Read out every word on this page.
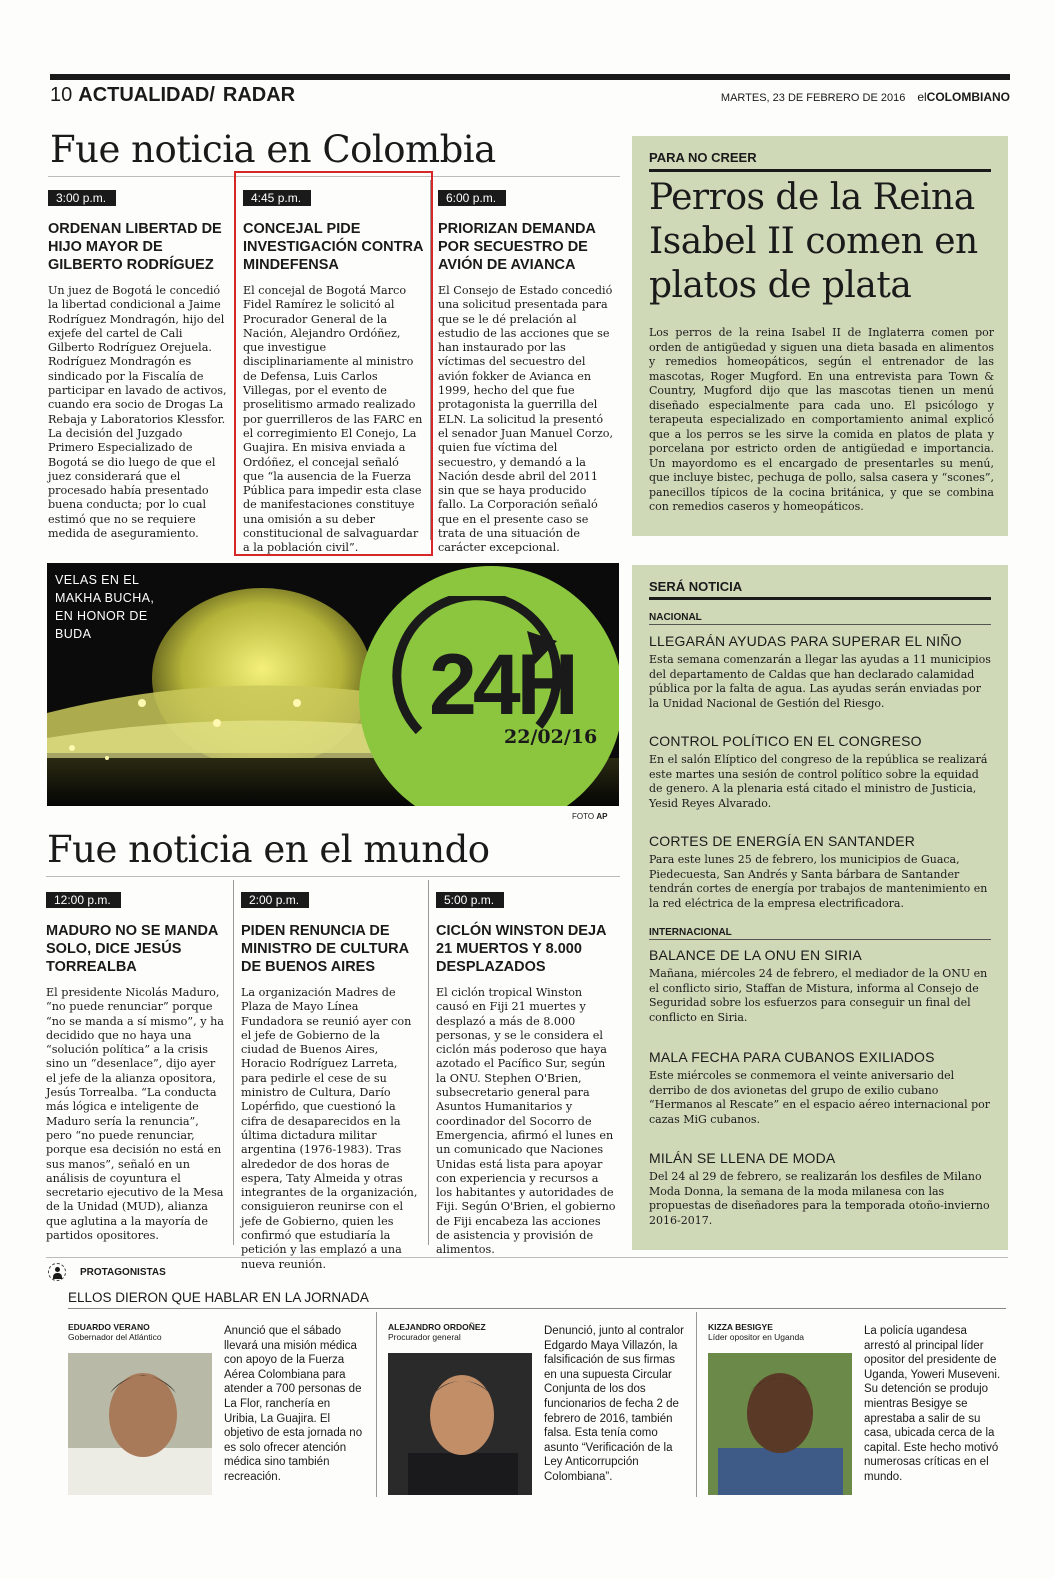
10 ACTUALIDAD/ RADAR	MARTES, 23 DE FEBRERO DE 2016 elCOLOMBIANO
Fue noticia en Colombia
3:00 p.m.
ORDENAN LIBERTAD DE HIJO MAYOR DE GILBERTO RODRÍGUEZ

Un juez de Bogotá le concedió la libertad condicional a Jaime Rodríguez Mondragón, hijo del exjefe del cartel de Cali Gilberto Rodríguez Orejuela. Rodríguez Mondragón es sindicado por la Fiscalía de participar en lavado de activos, cuando era socio de Drogas La Rebaja y Laboratorios Klessfor. La decisión del Juzgado Primero Especializado de Bogotá se dio luego de que el juez considerará que el procesado había presentado buena conducta; por lo cual estimó que no se requiere medida de aseguramiento.

4:45 p.m.
CONCEJAL PIDE INVESTIGACIÓN CONTRA MINDEFENSA

El concejal de Bogotá Marco Fidel Ramírez le solicitó al Procurador General de la Nación, Alejandro Ordóñez, que investigue disciplinariamente al ministro de Defensa, Luis Carlos Villegas, por el evento de proselitismo armado realizado por guerrilleros de las FARC en el corregimiento El Conejo, La Guajira. En misiva enviada a Ordóñez, el concejal señaló que “la ausencia de la Fuerza Pública para impedir esta clase de manifestaciones constituye una omisión a su deber constitucional de salvaguardar a la población civil”.

6:00 p.m.
PRIORIZAN DEMANDA POR SECUESTRO DE AVIÓN DE AVIANCA

El Consejo de Estado concedió una solicitud presentada para que se le dé prelación al estudio de las acciones que se han instaurado por las víctimas del secuestro del avión fokker de Avianca en 1999, hecho del que fue protagonista la guerrilla del ELN. La solicitud la presentó el senador Juan Manuel Corzo, quien fue víctima del secuestro, y demandó a la Nación desde abril del 2011 sin que se haya producido fallo. La Corporación señaló que en el presente caso se trata de una situación de carácter excepcional.

PARA NO CREER
Perros de la Reina Isabel II comen en platos de plata
Los perros de la reina Isabel II de Inglaterra comen por orden de antigüedad y siguen una dieta basada en alimentos y remedios homeopáticos, según el entrenador de las mascotas, Roger Mugford. En una entrevista para Town & Country, Mugford dijo que las mascotas tienen un menú diseñado especialmente para cada uno. El psicólogo y terapeuta especializado en comportamiento animal explicó que a los perros se les sirve la comida en platos de plata y porcelana por estricto orden de antigüedad e importancia. Un mayordomo es el encargado de presentarles su menú, que incluye bistec, pechuga de pollo, salsa casera y “scones”, panecillos típicos de la cocina británica, y que se combina con remedios caseros y homeopáticos.
24H
22/02/16
VELAS EN EL MAKHA BUCHA, EN HONOR DE BUDA
FOTO AP
SERÁ NOTICIA
NACIONAL
LLEGARÁN AYUDAS PARA SUPERAR EL NIÑO
Esta semana comenzarán a llegar las ayudas a 11 municipios del departamento de Caldas que han declarado calamidad pública por la falta de agua. Las ayudas serán enviadas por la Unidad Nacional de Gestión del Riesgo.
CONTROL POLÍTICO EN EL CONGRESO
En el salón Elíptico del congreso de la república se realizará este martes una sesión de control político sobre la equidad de genero. A la plenaria está citado el ministro de Justicia, Yesid Reyes Alvarado.
CORTES DE ENERGÍA EN SANTANDER
Para este lunes 25 de febrero, los municipios de Guaca, Piedecuesta, San Andrés y Santa bárbara de Santander tendrán cortes de energía por trabajos de mantenimiento en la red eléctrica de la empresa electrificadora.
INTERNACIONAL
BALANCE DE LA ONU EN SIRIA
Mañana, miércoles 24 de febrero, el mediador de la ONU en el conflicto sirio, Staffan de Mistura, informa al Consejo de Seguridad sobre los esfuerzos para conseguir un final del conflicto en Siria.
MALA FECHA PARA CUBANOS EXILIADOS
Este miércoles se conmemora el veinte aniversario del derribo de dos avionetas del grupo de exilio cubano “Hermanos al Rescate” en el espacio aéreo internacional por cazas MiG cubanos.
MILÁN SE LLENA DE MODA
Del 24 al 29 de febrero, se realizarán los desfiles de Milano Moda Donna, la semana de la moda milanesa con las propuestas de diseñadores para la temporada otoño-invierno 2016-2017.
Fue noticia en el mundo
12:00 p.m.
MADURO NO SE MANDA SOLO, DICE JESÚS TORREALBA

El presidente Nicolás Maduro, “no puede renunciar” porque “no se manda a sí mismo”, y ha decidido que no haya una “solución política” a la crisis sino un “desenlace”, dijo ayer el jefe de la alianza opositora, Jesús Torrealba. “La conducta más lógica e inteligente de Maduro sería la renuncia”, pero “no puede renunciar, porque esa decisión no está en sus manos”, señaló en un análisis de coyuntura el secretario ejecutivo de la Mesa de la Unidad (MUD), alianza que aglutina a la mayoría de partidos opositores.

2:00 p.m.
PIDEN RENUNCIA DE MINISTRO DE CULTURA DE BUENOS AIRES

La organización Madres de Plaza de Mayo Línea Fundadora se reunió ayer con el jefe de Gobierno de la ciudad de Buenos Aires, Horacio Rodríguez Larreta, para pedirle el cese de su ministro de Cultura, Darío Lopérfido, que cuestionó la cifra de desaparecidos en la última dictadura militar argentina (1976-1983). Tras alrededor de dos horas de espera, Taty Almeida y otras integrantes de la organización, consiguieron reunirse con el jefe de Gobierno, quien les confirmó que estudiaría la petición y las emplazó a una nueva reunión.

5:00 p.m.
CICLÓN WINSTON DEJA 21 MUERTOS Y 8.000 DESPLAZADOS

El ciclón tropical Winston causó en Fiji 21 muertes y desplazó a más de 8.000 personas, y se le considera el ciclón más poderoso que haya azotado el Pacífico Sur, según la ONU. Stephen O'Brien, subsecretario general para Asuntos Humanitarios y coordinador del Socorro de Emergencia, afirmó el lunes en un comunicado que Naciones Unidas está lista para apoyar con experiencia y recursos a los habitantes y autoridades de Fiji. Según O'Brien, el gobierno de Fiji encabeza las acciones de asistencia y provisión de alimentos.

PROTAGONISTAS
ELLOS DIERON QUE HABLAR EN LA JORNADA
EDUARDO VERANO
Gobernador del Atlántico	Anunció que el sábado llevará una misión médica con apoyo de la Fuerza Aérea Colombiana para atender a 700 personas de La Flor, ranchería en Uribia, La Guajira. El objetivo de esta jornada no es solo ofrecer atención médica sino también recreación.
ALEJANDRO ORDOÑEZ
Procurador general	Denunció, junto al contralor Edgardo Maya Villazón, la falsificación de sus firmas en una supuesta Circular Conjunta de los dos funcionarios de fecha 2 de febrero de 2016, también falsa. Esta tenía como asunto “Verificación de la Ley Anticorrupción Colombiana”.
KIZZA BESIGYE
Líder opositor en Uganda	La policía ugandesa arrestó al principal líder opositor del presidente de Uganda, Yoweri Museveni. Su detención se produjo mientras Besigye se aprestaba a salir de su casa, ubicada cerca de la capital. Este hecho motivó numerosas críticas en el mundo.
